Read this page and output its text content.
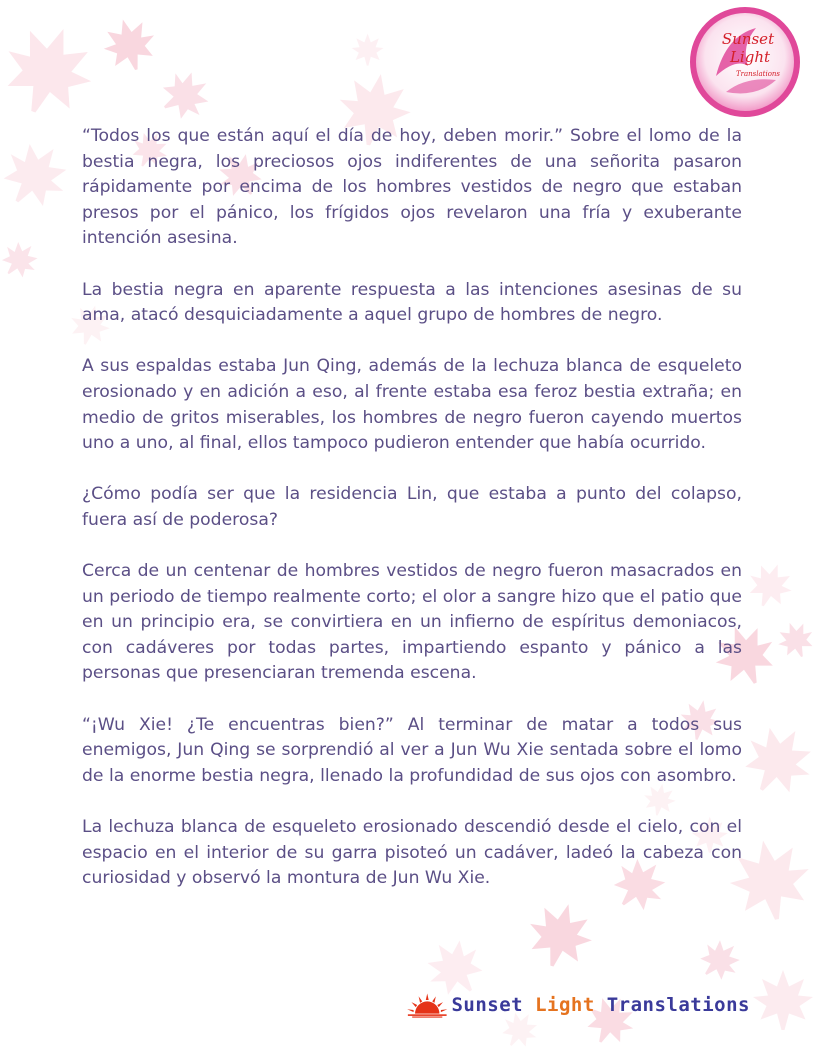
Sunset
Light
Translations

“Todos los que están aquí el día de hoy, deben morir.” Sobre el lomo de la bestia negra, los preciosos ojos indiferentes de una señorita pasaron rápidamente por encima de los hombres vestidos de negro que estaban presos por el pánico, los frígidos ojos revelaron una fría y exuberante intención asesina.

La bestia negra en aparente respuesta a las intenciones asesinas de su ama, atacó desquiciadamente a aquel grupo de hombres de negro.

A sus espaldas estaba Jun Qing, además de la lechuza blanca de esqueleto erosionado y en adición a eso, al frente estaba esa feroz bestia extraña; en medio de gritos miserables, los hombres de negro fueron cayendo muertos uno a uno, al final, ellos tampoco pudieron entender que había ocurrido.

¿Cómo podía ser que la residencia Lin, que estaba a punto del colapso, fuera así de poderosa?

Cerca de un centenar de hombres vestidos de negro fueron masacrados en un periodo de tiempo realmente corto; el olor a sangre hizo que el patio que en un principio era, se convirtiera en un infierno de espíritus demoniacos, con cadáveres por todas partes, impartiendo espanto y pánico a las personas que presenciaran tremenda escena.

“¡Wu Xie! ¿Te encuentras bien?” Al terminar de matar a todos sus enemigos, Jun Qing se sorprendió al ver a Jun Wu Xie sentada sobre el lomo de la enorme bestia negra, llenado la profundidad de sus ojos con asombro.

La lechuza blanca de esqueleto erosionado descendió desde el cielo, con el espacio en el interior de su garra pisoteó un cadáver, ladeó la cabeza con curiosidad y observó la montura de Jun Wu Xie.

Sunset Light Translations
